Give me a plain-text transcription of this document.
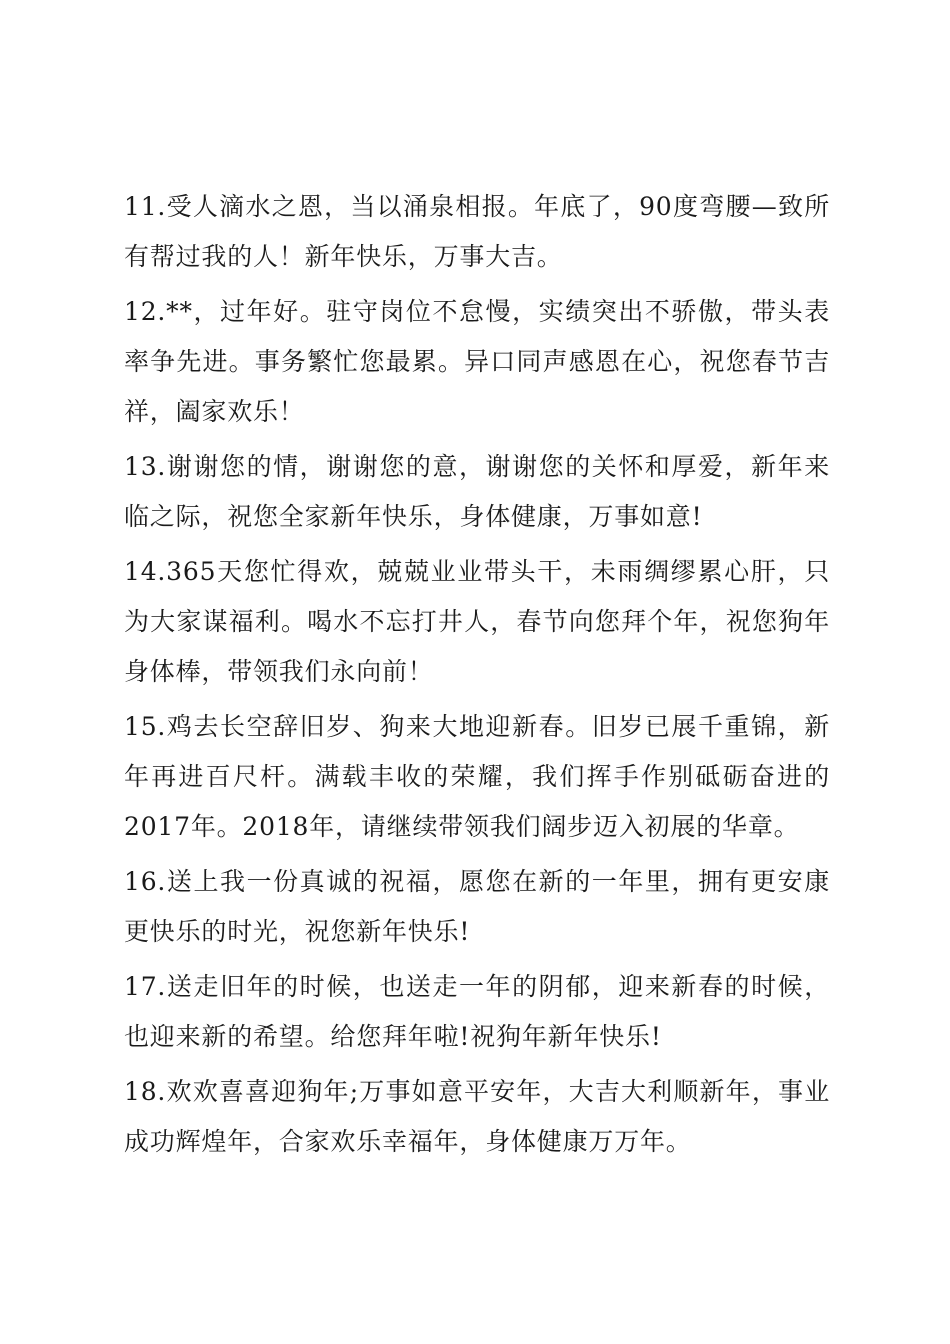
11.受人滴水之恩，当以涌泉相报。年底了，90度弯腰—致所有帮过我的人！新年快乐，万事大吉。

12.**，过年好。驻守岗位不怠慢，实绩突出不骄傲，带头表率争先进。事务繁忙您最累。异口同声感恩在心，祝您春节吉祥，阖家欢乐！

13.谢谢您的情，谢谢您的意，谢谢您的关怀和厚爱，新年来临之际，祝您全家新年快乐，身体健康，万事如意!

14.365天您忙得欢，兢兢业业带头干，未雨绸缪累心肝，只为大家谋福利。喝水不忘打井人，春节向您拜个年，祝您狗年身体棒，带领我们永向前！

15.鸡去长空辞旧岁、狗来大地迎新春。旧岁已展千重锦，新年再进百尺杆。满载丰收的荣耀，我们挥手作别砥砺奋进的2017年。2018年，请继续带领我们阔步迈入初展的华章。

16.送上我一份真诚的祝福，愿您在新的一年里，拥有更安康更快乐的时光，祝您新年快乐!

17.送走旧年的时候，也送走一年的阴郁，迎来新春的时候，也迎来新的希望。给您拜年啦!祝狗年新年快乐!

18.欢欢喜喜迎狗年;万事如意平安年，大吉大利顺新年，事业成功辉煌年，合家欢乐幸福年，身体健康万万年。
